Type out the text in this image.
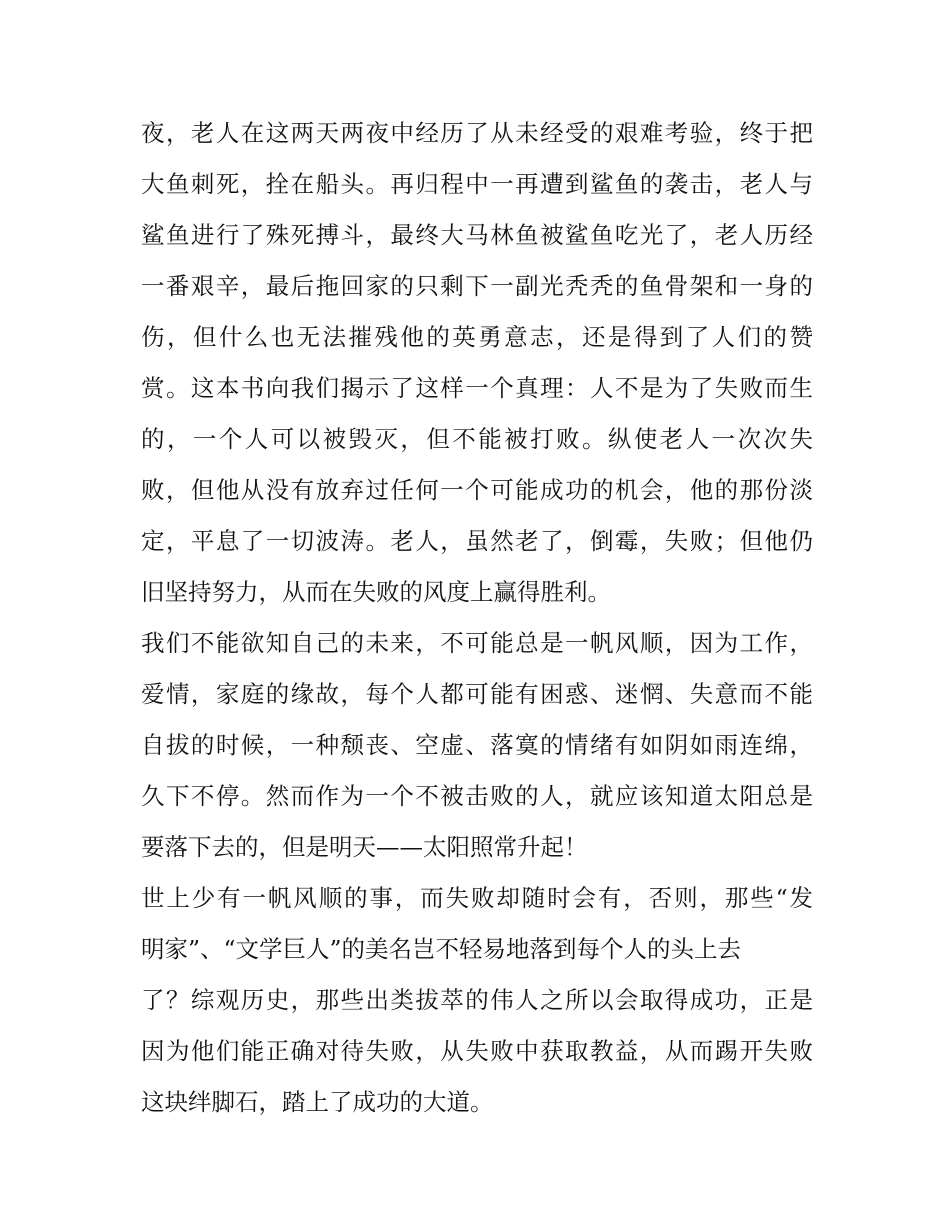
夜，老人在这两天两夜中经历了从未经受的艰难考验，终于把
大鱼刺死，拴在船头。再归程中一再遭到鲨鱼的袭击，老人与
鲨鱼进行了殊死搏斗，最终大马林鱼被鲨鱼吃光了，老人历经
一番艰辛，最后拖回家的只剩下一副光秃秃的鱼骨架和一身的
伤，但什么也无法摧残他的英勇意志，还是得到了人们的赞
赏。这本书向我们揭示了这样一个真理：人不是为了失败而生
的，一个人可以被毁灭，但不能被打败。纵使老人一次次失
败，但他从没有放弃过任何一个可能成功的机会，他的那份淡
定，平息了一切波涛。老人，虽然老了，倒霉，失败；但他仍
旧坚持努力，从而在失败的风度上赢得胜利。
我们不能欲知自己的未来，不可能总是一帆风顺，因为工作，
爱情，家庭的缘故，每个人都可能有困惑、迷惘、失意而不能
自拔的时候，一种颓丧、空虚、落寞的情绪有如阴如雨连绵，
久下不停。然而作为一个不被击败的人，就应该知道太阳总是
要落下去的，但是明天——太阳照常升起！
世上少有一帆风顺的事，而失败却随时会有，否则，那些“发
明家”、“文学巨人”的美名岂不轻易地落到每个人的头上去
了？综观历史，那些出类拔萃的伟人之所以会取得成功，正是
因为他们能正确对待失败，从失败中获取教益，从而踢开失败
这块绊脚石，踏上了成功的大道。
